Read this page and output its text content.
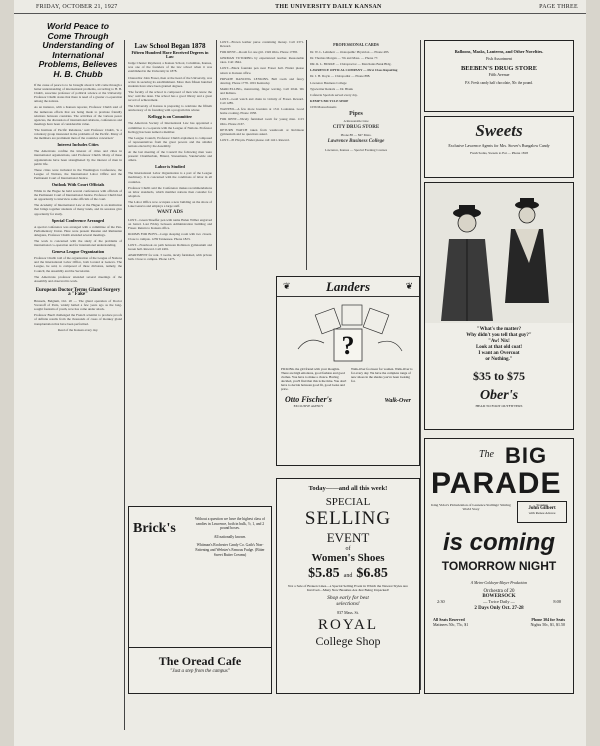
FRIDAY, OCTOBER 21, 1927	THE UNIVERSITY DAILY KANSAN	PAGE THREE
World Peace to Come Through Understanding of International Problems, Believes H. B. Chubb

If the cause of peace is to be brought about it will come through a better understanding of international problems, according to H. B. Chubb, associate professor of political science at the University. Professor Chubb states that there is need of a greater co-operation among the nations.

As an instance, with a Kansan reporter, Professor Chubb said of the numerous efforts that are being made to promote friendly relations between countries. The activities of the various peace agencies, the discussion of international relations, conferences and meetings have been of considerable value.

'The Institute of Pacific Relations,' said Professor Chubb, 'is a voluntary group interested in the problems of the Pacific. Many of the members are prominent men of the countries concerned.'

Interest Includes Cities

The Americans confine the interest of cities and cities in international organizations, said Professor Chubb. Many of these organizations have been strengthened by the interest of men in public life.

These cities were included in the Washington Conference, the League of Nations, the International Labor Office and the Permanent Court of International Justice.

Outlook With Court Officials

While in the Hague he held several conferences with officials of the Permanent Court of International Justice. Professor Chubb had an opportunity to interview some officials of the court.

The Academy of International Law at the Hague is an institution that brings together students of many lands, and its sessions give opportunity for study.

Special Conference Arranged

A special conference was arranged with a committee of the Pan-Parliamentary Union. Here were present Russian and Rumanian delegates, Professor Chubb attended several meetings.

The work is concerned with the study of the problems of international co-operation and for international understanding.

Geneva League Organization

Professor Chubb told of the organization of the League of Nations and the International Labor Office, both located at Geneva. The League, he said, is composed of three divisions, namely, the Council, the Assembly and the Secretariat.

The Americans professor attended several meetings of the Assembly and observed its work.

European Doctor Terms Gland Surgery a "Fake"

Brussels, Belgium, Oct. 20 — The gland operation of Doctor Voronoff of Paris, widely hailed a few years ago as the long-sought fountain of youth, now has come under attack.

Professor Buell challenged the French scientist to produce proofs of definite results from the thousands of cases of monkey gland transplantation that have been performed.

Read of the Kansan every day.

Law School Began 1878
Fifteen Hundred Have Received Degrees in Law

Judge Chester Raymond, a Kansas School, Columbus, Kansas, was one of the founders of the law school when it was established in the University in 1878.

Chancellor John Fraser, then at the head of the University, was active in securing its establishment. More than fifteen hundred students have since been granted degrees.

'The faculty of the school is composed of men who know the law,' said the dean. The school has a good library and a great record of achievement.

The University of Kansas is preparing to celebrate the fiftieth anniversary of its founding with a program this winter.

Kellogg is on Committee

The American Society of International Law has appointed a committee to co-operate with the League of Nations. Professor Kellogg has been named a member.

The League Council, Professor Chubb explained, is composed of representatives from the great powers and the smaller nations elected by the Assembly.

At the last meeting of the Council the following men were present: Chamberlain, Briand, Stresemann, Vandervelde and others.

Labor is Studied

The International Labor Organization is a part of the League machinery. It is concerned with the conditions of labor in all countries.

Professor Chubb said the Conference makes recommendations on labor standards, which member nations then consider for adoption.

The Labor Office now occupies a new building on the shore of Lake Geneva and employs a large staff.

WANT ADS

LOST—Green Shaeffer pen with name Helen Wilber engraved on barrel. Last Friday between Administration building and Fraser. Return to Kansan office.

ROOMS FOR BOYS—Large sleeping room with two closets. Close to campus. 1239 Tennessee. Phone 1823.

LOST—Notebook on path between Robinson gymnasium and Green hall. Reward. Call 2491.

APARTMENT for rent. 3 rooms, nicely furnished, with private bath. Close to campus. Phone 1475.

LOST—Brown leather purse containing money. Call 2371. Reward.

FOR RENT—Room for one girl. 1326 Ohio. Phone 1738J.

GERMAN TUTORING by experienced teacher. Reasonable rates. Call 1844.

LOST—Black fountain pen near Fraser hall. Finder please return to Kansan office.

PRIVATE DANCING LESSONS. Ball room and fancy dancing. Phone 1778. 1001 Kentucky.

MARCELLING, manicuring, finger waving. Call 2042. 9th and Indiana.

LOST—Gold watch and chain in vicinity of Fraser. Reward. Call 1289.

WANTED—A few more boarders at 1311 Louisiana. Good home cooking. Phone 1958.

FOR RENT—Nicely furnished room for young man. 1115 Ohio. Phone 2167.

RETURN WATCH taken from washroom at Robinson gymnasium and no questions asked.

LOST—Pi Phi pin. Finder please call 1421. Reward.

PROFESSIONAL CARDS

Dr. W. L. Lehnherr — Osteopathic Physician — Phone 483.

Dr. Thomas Morgan — 7th and Mass. — Phone 77.

DR. R. L. BURKE — Chiropractor — Merchants Bank Bldg.

LAWRENCE OPTICAL COMPANY — First Class Repairing

Dr. J. H. Doyle — Chiropodist — Phone 888.

Lawrence Business College

Typewriter Rentals — Dr. Blank

Cafeteria Specials served every day.

KEMP'S BICYCLE SHOP

1036 Massachusetts

Pipes

A Reasonable Line

CITY DRUG STORE

Phone 88 — 847 Mass.

Lawrence Business College

Lawrence, Kansas — Special Evening Courses

❦	Landers	❦
?

PICKING the girl friend with your thoughts. There are high emotions, good fashion and good clothes. You have to make a choice. Having decided, you'll find that this is the time. You don't have to decide between good fit, good looks and price.

Walk-Over footwear for women. Walk-Over is for every day. We have the complete range of new shoes in the shades you've been looking for.

Otto Fischer's
EXCLUSIVE AGENCY
Walk-Over
Brick's

Without a question we have the highest class of candies in Lawrence, both in bulk, ½, 1, and 2 pound boxes.

All nationally known.

Whitman's Rochester Candy Co. Gath's Non-Fattening and Webster's Famous Fudge. (Bitter Sweet Butter Creams)

The Oread Cafe
"Just a step from the campus"
Today——and all this week!
SPECIAL
SELLING
EVENT
of
Women's Shoes
$5.85 and $6.85

Not a Sale of Broken Lines—a Special Selling Event in Which the Newest Styles Are Involved—Many New Beauties Are Just Being Unpacked!

Shop early for best selections!
837 Mass. St.
ROYAL
College Shop
Balloons, Masks, Lanterns, and Other Novelties.
Fish Assortment
BEEBEN'S DRUG STORE
Fifth Avenue
P.S. Fresh candy half chocolate, 50c the pound.
Sweets
Exclusive Lawrence Agents for Mrs. Stover's Bungalow Candy
Fresh Sodas, Sweets to Eat — Phone 1818
"What's the matter?
Why didn't you tell that guy?"
"Aw! Nix!
Look at that old coat!
I want an Overcoat
or Nothing."
$35 to $75
Ober's
HEAD TO FOOT OUTFITTERS
The BIG
PARADE
King Vidor's Picturization of Laurence Stallings' Stirring World Story
Starring
John Gilbert
with Renee Adoree
is coming
TOMORROW NIGHT
A Metro-Goldwyn-Mayer Production
Orchestra of 20
BOWERSOCK
2:30	— Twice Daily —	8:00
2 Days Only Oct. 27-28
All Seats Reserved
Matinees 50c, 75c, $1
Phone 304 for Seats
Nights 50c, $1, $1.50
